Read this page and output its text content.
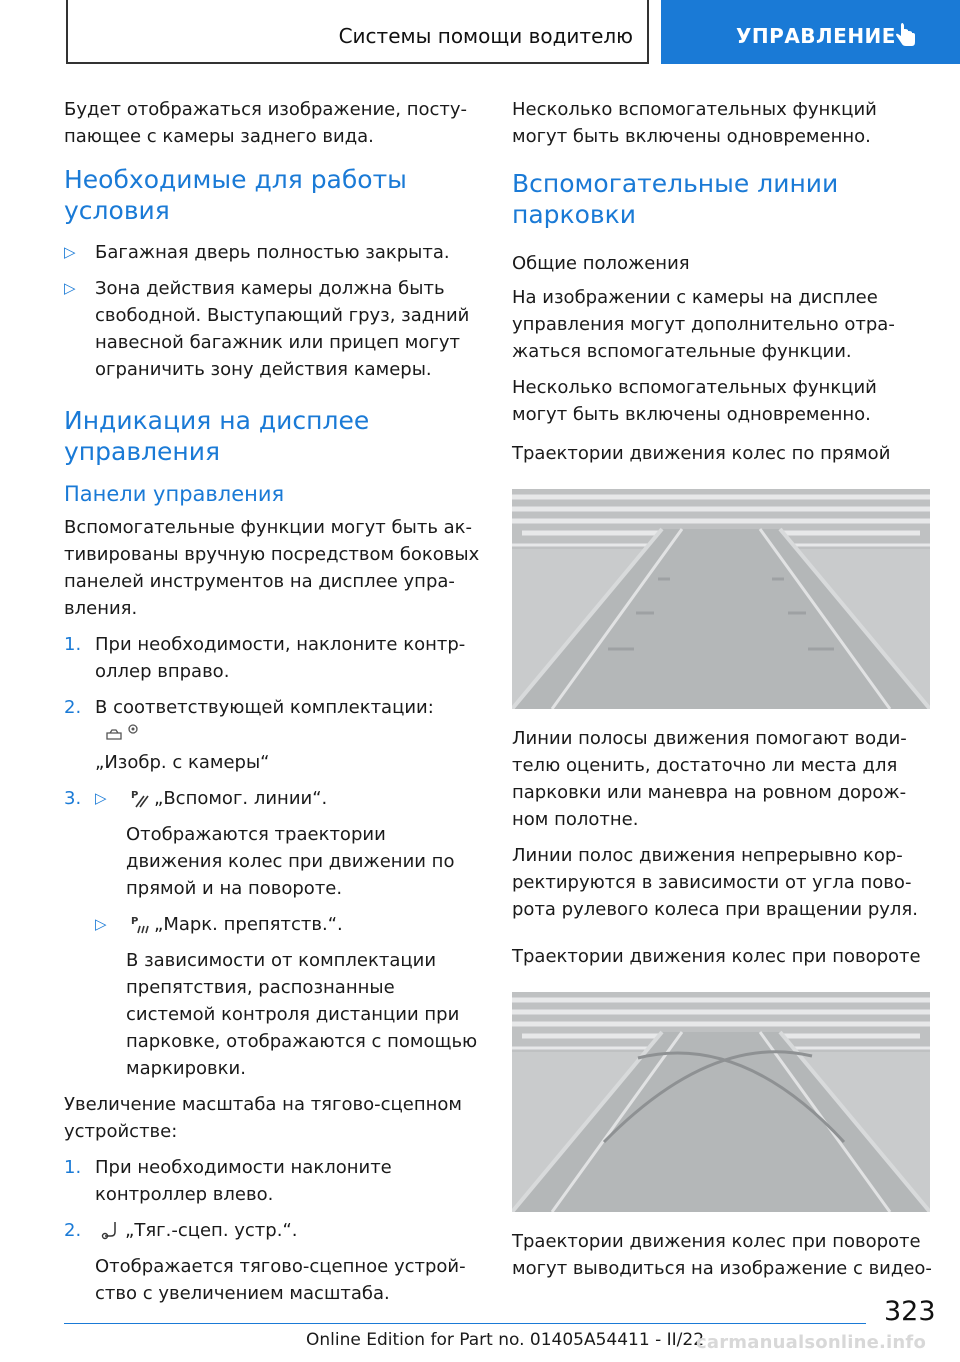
Системы помощи водителю	УПРАВЛЕНИЕ

Будет отображаться изображение, поступающее с камеры заднего вида.

Необходимые для работы условия
▷ Багажная дверь полностью закрыта.
▷ Зона действия камеры должна быть свободной. Выступающий груз, задний навесной багажник или прицеп могут ограничить зону действия камеры.
Индикация на дисплее управления
Панели управления

Вспомогательные функции могут быть активированы вручную посредством боковых панелей инструментов на дисплее управления.

1. При необходимости, наклоните контроллер вправо.
2. В соответствующей комплектации:
„Изобр. с камеры“
3. ▷ P „Вспомог. линии“.
Отображаются траектории движения колес при движении по прямой и на повороте.
▷ P „Марк. препятств.“.
В зависимости от комплектации препятствия, распознанные системой контроля дистанции при парковке, отображаются с помощью маркировки.

Увеличение масштаба на тягово-сцепном устройстве:

1. При необходимости наклоните контроллер влево.
2.	„Тяг.-сцеп. устр.“.
Отображается тягово-сцепное устройство с увеличением масштаба.

Несколько вспомогательных функций могут быть включены одновременно.

Вспомогательные линии парковки
Общие положения

На изображении с камеры на дисплее управления могут дополнительно отражаться вспомогательные функции.

Несколько вспомогательных функций могут быть включены одновременно.

Траектории движения колес по прямой

Линии полосы движения помогают водителю оценить, достаточно ли места для парковки или маневра на ровном дорожном полотне.

Линии полос движения непрерывно корректируются в зависимости от угла поворота рулевого колеса при вращении руля.

Траектории движения колес при повороте

Траектории движения колес при повороте могут выводиться на изображение с видео-

323
Online Edition for Part no. 01405A54411 - II/22
carmanualsonline.info
